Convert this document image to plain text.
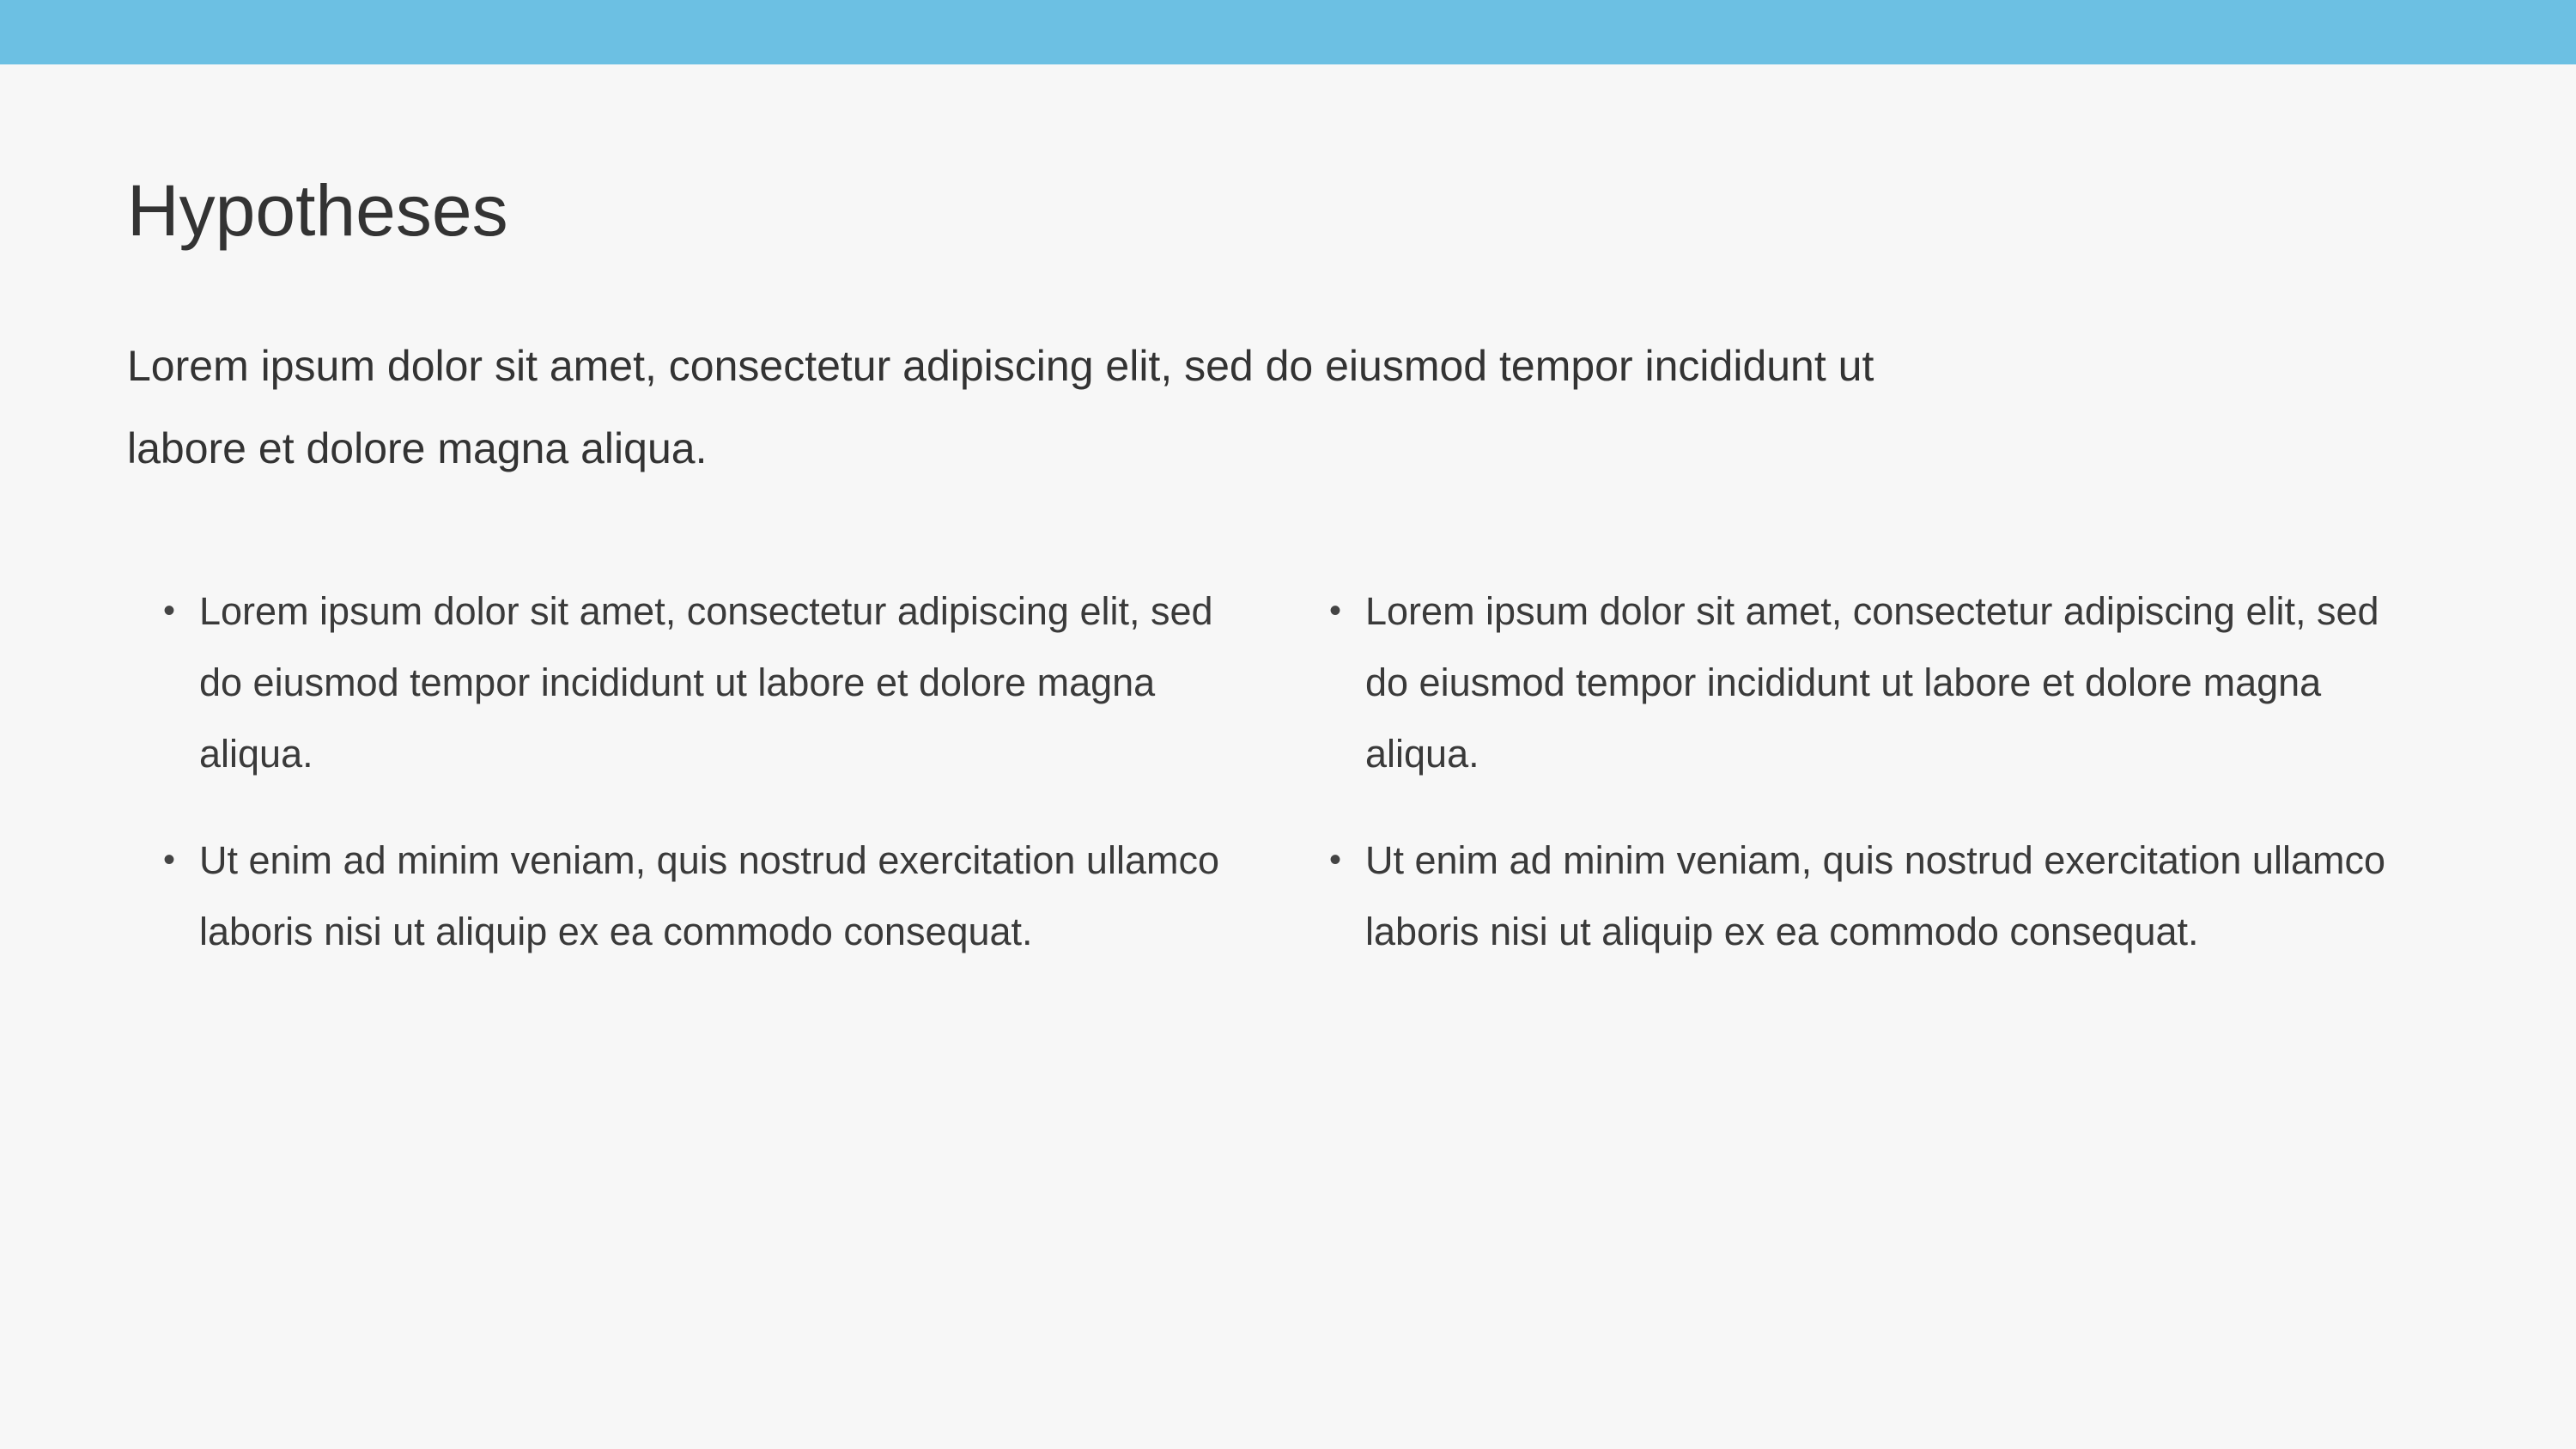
Hypotheses

Lorem ipsum dolor sit amet, consectetur adipiscing elit, sed do eiusmod tempor incididunt ut labore et dolore magna aliqua.

• Lorem ipsum dolor sit amet, consectetur adipiscing elit, sed do eiusmod tempor incididunt ut labore et dolore magna aliqua.
• Ut enim ad minim veniam, quis nostrud exercitation ullamco laboris nisi ut aliquip ex ea commodo consequat.
• Lorem ipsum dolor sit amet, consectetur adipiscing elit, sed do eiusmod tempor incididunt ut labore et dolore magna aliqua.
• Ut enim ad minim veniam, quis nostrud exercitation ullamco laboris nisi ut aliquip ex ea commodo consequat.
